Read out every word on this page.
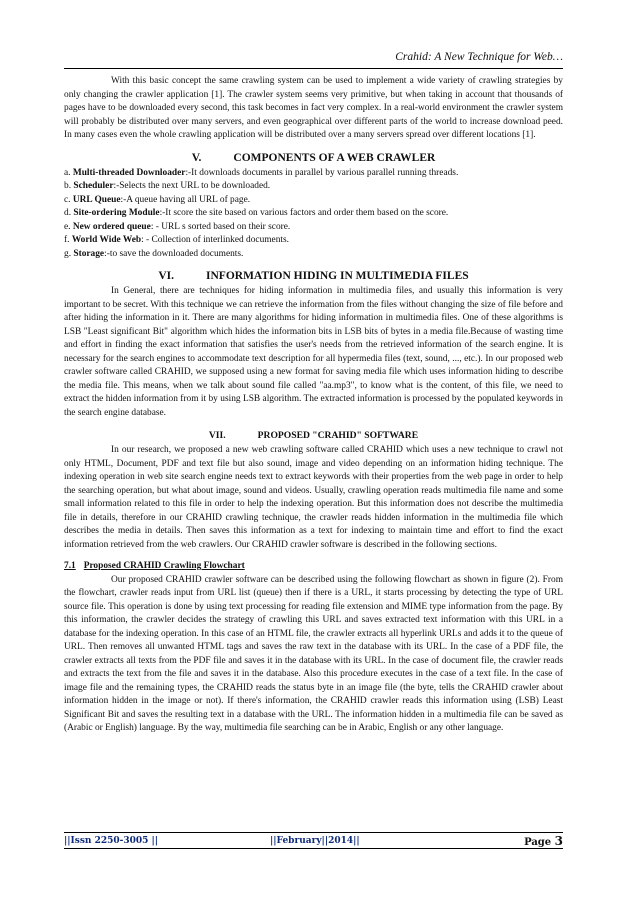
Crahid: A New Technique for Web…

With this basic concept the same crawling system can be used to implement a wide variety of crawling strategies by only changing the crawler application [1]. The crawler system seems very primitive, but when taking in account that thousands of pages have to be downloaded every second, this task becomes in fact very complex. In a real-world environment the crawler system will probably be distributed over many servers, and even geographical over different parts of the world to increase download peed. In many cases even the whole crawling application will be distributed over a many servers spread over different locations [1].

V.	COMPONENTS OF A WEB CRAWLER
a. Multi-threaded Downloader:-It downloads documents in parallel by various parallel running threads.
b. Scheduler:-Selects the next URL to be downloaded.
c. URL Queue:-A queue having all URL of page.
d. Site-ordering Module:-It score the site based on various factors and order them based on the score.
e. New ordered queue: - URL s sorted based on their score.
f. World Wide Web: - Collection of interlinked documents.
g. Storage:-to save the downloaded documents.
VI.	INFORMATION HIDING IN MULTIMEDIA FILES

In General, there are techniques for hiding information in multimedia files, and usually this information is very important to be secret. With this technique we can retrieve the information from the files without changing the size of file before and after hiding the information in it. There are many algorithms for hiding information in multimedia files. One of these algorithms is LSB "Least significant Bit" algorithm which hides the information bits in LSB bits of bytes in a media file.Because of wasting time and effort in finding the exact information that satisfies the user's needs from the retrieved information of the search engine. It is necessary for the search engines to accommodate text description for all hypermedia files (text, sound, ..., etc.). In our proposed web crawler software called CRAHID, we supposed using a new format for saving media file which uses information hiding to describe the media file. This means, when we talk about sound file called "aa.mp3", to know what is the content, of this file, we need to extract the hidden information from it by using LSB algorithm. The extracted information is processed by the populated keywords in the search engine database.

VII.	PROPOSED "CRAHID" SOFTWARE

In our research, we proposed a new web crawling software called CRAHID which uses a new technique to crawl not only HTML, Document, PDF and text file but also sound, image and video depending on an information hiding technique. The indexing operation in web site search engine needs text to extract keywords with their properties from the web page in order to help the searching operation, but what about image, sound and videos. Usually, crawling operation reads multimedia file name and some small information related to this file in order to help the indexing operation. But this information does not describe the multimedia file in details, therefore in our CRAHID crawling technique, the crawler reads hidden information in the multimedia file which describes the media in details. Then saves this information as a text for indexing to maintain time and effort to find the exact information retrieved from the web crawlers. Our CRAHID crawler software is described in the following sections.

7.1 Proposed CRAHID Crawling Flowchart

Our proposed CRAHID crawler software can be described using the following flowchart as shown in figure (2). From the flowchart, crawler reads input from URL list (queue) then if there is a URL, it starts processing by detecting the type of URL source file. This operation is done by using text processing for reading file extension and MIME type information from the page. By this information, the crawler decides the strategy of crawling this URL and saves extracted text information with this URL in a database for the indexing operation. In this case of an HTML file, the crawler extracts all hyperlink URLs and adds it to the queue of URL. Then removes all unwanted HTML tags and saves the raw text in the database with its URL. In the case of a PDF file, the crawler extracts all texts from the PDF file and saves it in the database with its URL. In the case of document file, the crawler reads and extracts the text from the file and saves it in the database. Also this procedure executes in the case of a text file. In the case of image file and the remaining types, the CRAHID reads the status byte in an image file (the byte, tells the CRAHID crawler about information hidden in the image or not). If there's information, the CRAHID crawler reads this information using (LSB) Least Significant Bit and saves the resulting text in a database with the URL. The information hidden in a multimedia file can be saved as (Arabic or English) language. By the way, multimedia file searching can be in Arabic, English or any other language.

||Issn 2250-3005 ||	||February||2014||	Page 3
